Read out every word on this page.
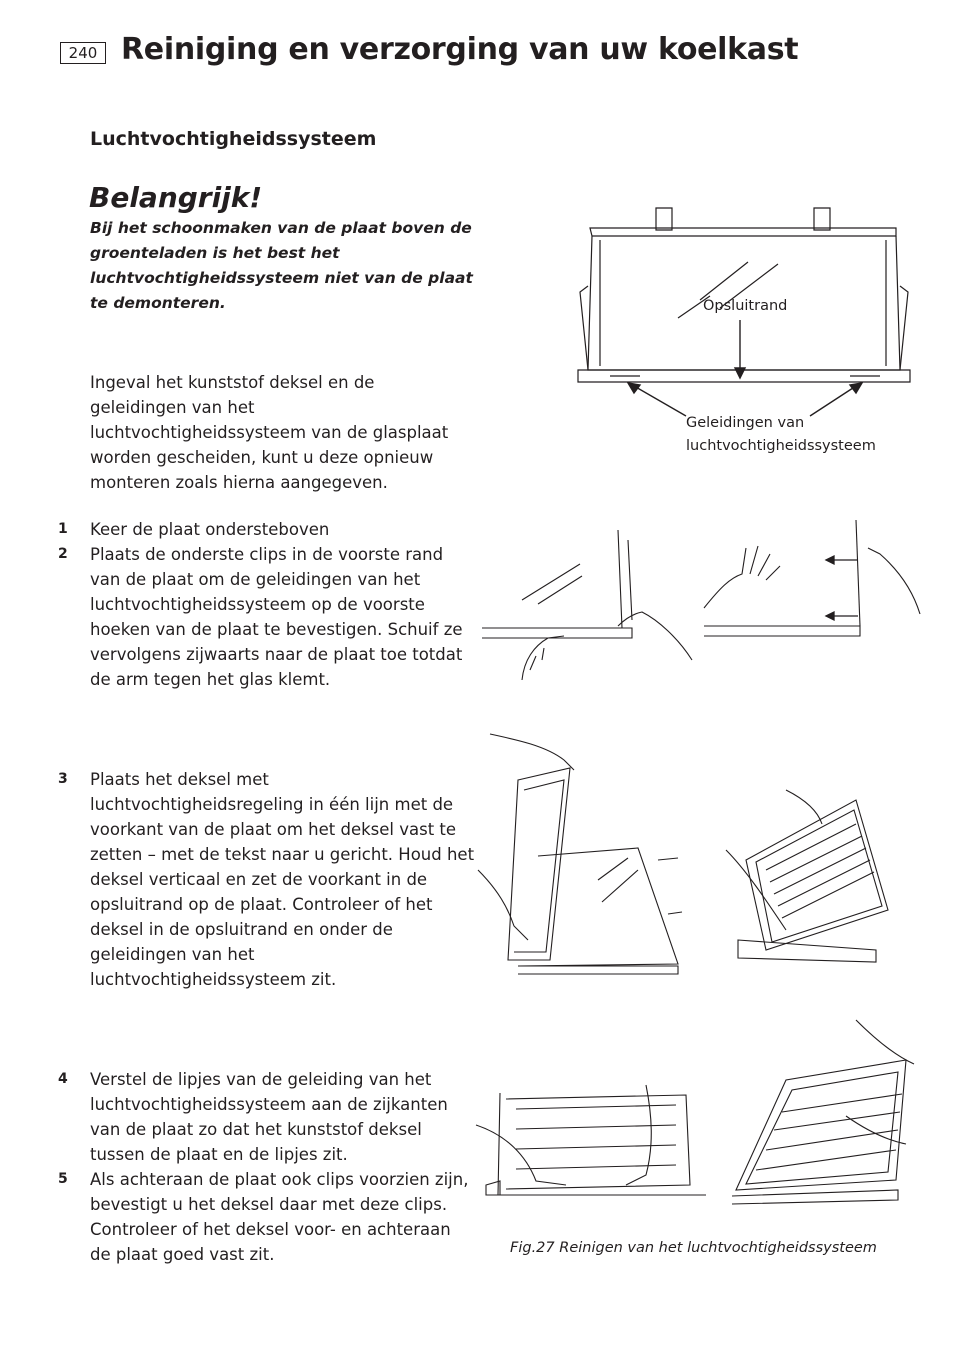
240 Reiniging en verzorging van uw koelkast
Luchtvochtigheidssysteem
Belangrijk!
Bij het schoonmaken van de plaat boven de groenteladen is het best het luchtvochtigheidssysteem niet van de plaat te demonteren.
Ingeval het kunststof deksel en de geleidingen van het luchtvochtigheidssysteem van de glasplaat worden gescheiden, kunt u deze opnieuw monteren zoals hierna aangegeven.
1 Keer de plaat ondersteboven
2 Plaats de onderste clips in de voorste rand van de plaat om de geleidingen van het luchtvochtigheidssysteem op de voorste hoeken van de plaat te bevestigen. Schuif ze vervolgens zijwaarts naar de plaat toe totdat de arm tegen het glas klemt.
3 Plaats het deksel met luchtvochtigheidsregeling in één lijn met de voorkant van de plaat om het deksel vast te zetten – met de tekst naar u gericht. Houd het deksel verticaal en zet de voorkant in de opsluitrand op de plaat. Controleer of het deksel in de opsluitrand en onder de geleidingen van het luchtvochtigheidssysteem zit.
4 Verstel de lipjes van de geleiding van het luchtvochtigheidssysteem aan de zijkanten van de plaat zo dat het kunststof deksel tussen de plaat en de lipjes zit.
5 Als achteraan de plaat ook clips voorzien zijn, bevestigt u het deksel daar met deze clips. Controleer of het deksel voor- en achteraan de plaat goed vast zit.
Opsluitrand
Geleidingen van
luchtvochtigheidssysteem
Fig.27 Reinigen van het luchtvochtigheidssysteem
